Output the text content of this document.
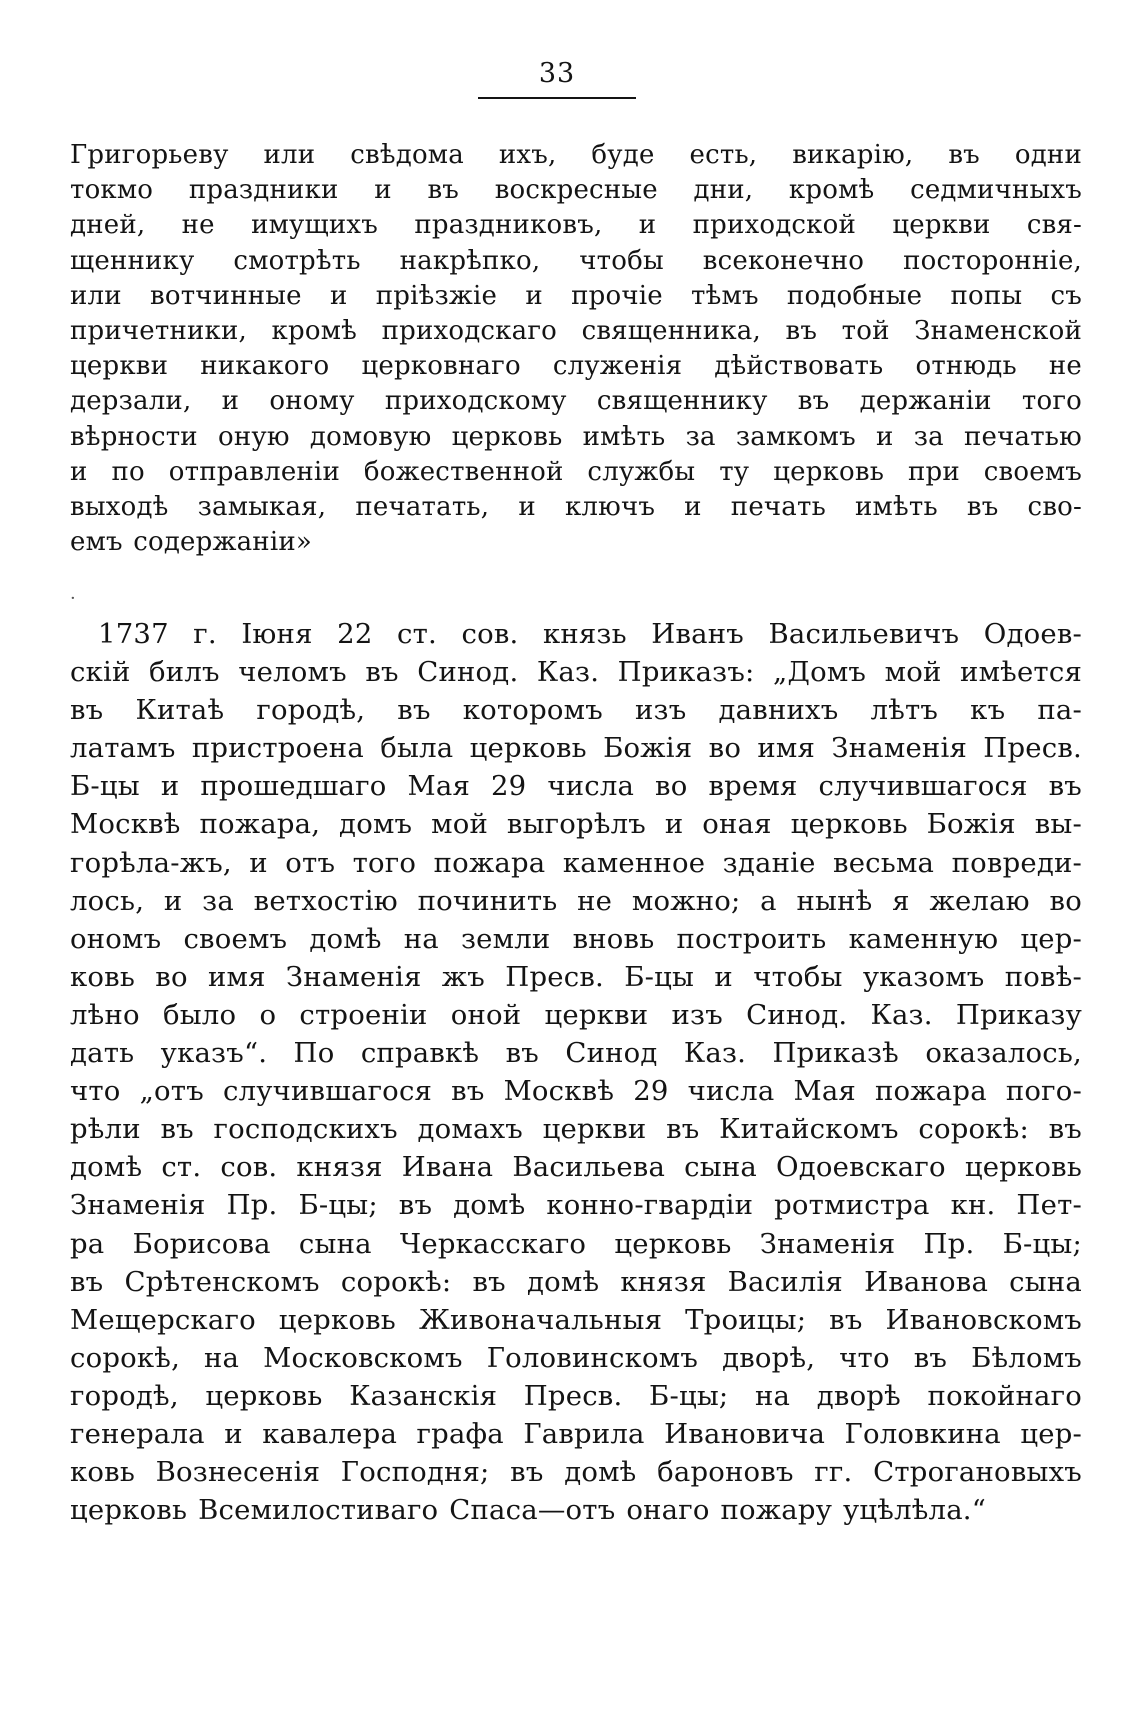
33

Григорьеву или свѣдома ихъ, буде есть, викарію, въ одни
токмо праздники и въ воскресные дни, кромѣ седмичныхъ
дней, не имущихъ праздниковъ, и приходской церкви свя-
щеннику смотрѣть накрѣпко, чтобы всеконечно посторонніе,
или вотчинные и пріѣзжіе и прочіе тѣмъ подобные попы съ
причетники, кромѣ приходскаго священника, въ той Знаменской
церкви никакого церковнаго служенія дѣйствовать отнюдь не
дерзали, и оному приходскому священнику въ держаніи того
вѣрности оную домовую церковь имѣть за замкомъ и за печатью
и по отправленіи божественной службы ту церковь при своемъ
выходѣ замыкая, печатать, и ключъ и печать имѣть въ сво-
емъ содержаніи»

·

1737 г. Іюня 22 ст. сов. князь Иванъ Васильевичъ Одоев-
скій билъ челомъ въ Синод. Каз. Приказъ: „Домъ мой имѣется
въ Китаѣ городѣ, въ которомъ изъ давнихъ лѣтъ къ па-
латамъ пристроена была церковь Божія во имя Знаменія Пресв.
Б-цы и прошедшаго Мая 29 числа во время случившагося въ
Москвѣ пожара, домъ мой выгорѣлъ и оная церковь Божія вы-
горѣла-жъ, и отъ того пожара каменное зданіе весьма повреди-
лось, и за ветхостію починить не можно; а нынѣ я желаю во
ономъ своемъ домѣ на земли вновь построить каменную цер-
ковь во имя Знаменія жъ Пресв. Б-цы и чтобы указомъ повѣ-
лѣно было о строеніи оной церкви изъ Синод. Каз. Приказу
дать указъ“. По справкѣ въ Синод Каз. Приказѣ оказалось,
что „отъ случившагося въ Москвѣ 29 числа Мая пожара пого-
рѣли въ господскихъ домахъ церкви въ Китайскомъ сорокѣ: въ
домѣ ст. сов. князя Ивана Васильева сына Одоевскаго церковь
Знаменія Пр. Б-цы; въ домѣ конно-гвардіи ротмистра кн. Пет-
ра Борисова сына Черкасскаго церковь Знаменія Пр. Б-цы;
въ Срѣтенскомъ сорокѣ: въ домѣ князя Василія Иванова сына
Мещерскаго церковь Живоначальныя Троицы; въ Ивановскомъ
сорокѣ, на Московскомъ Головинскомъ дворѣ, что въ Бѣломъ
городѣ, церковь Казанскія Пресв. Б-цы; на дворѣ покойнаго
генерала и кавалера графа Гаврила Ивановича Головкина цер-
ковь Вознесенія Господня; въ домѣ бароновъ гг. Строгановыхъ
церковь Всемилостиваго Спаса—отъ онаго пожару уцѣлѣла.“
